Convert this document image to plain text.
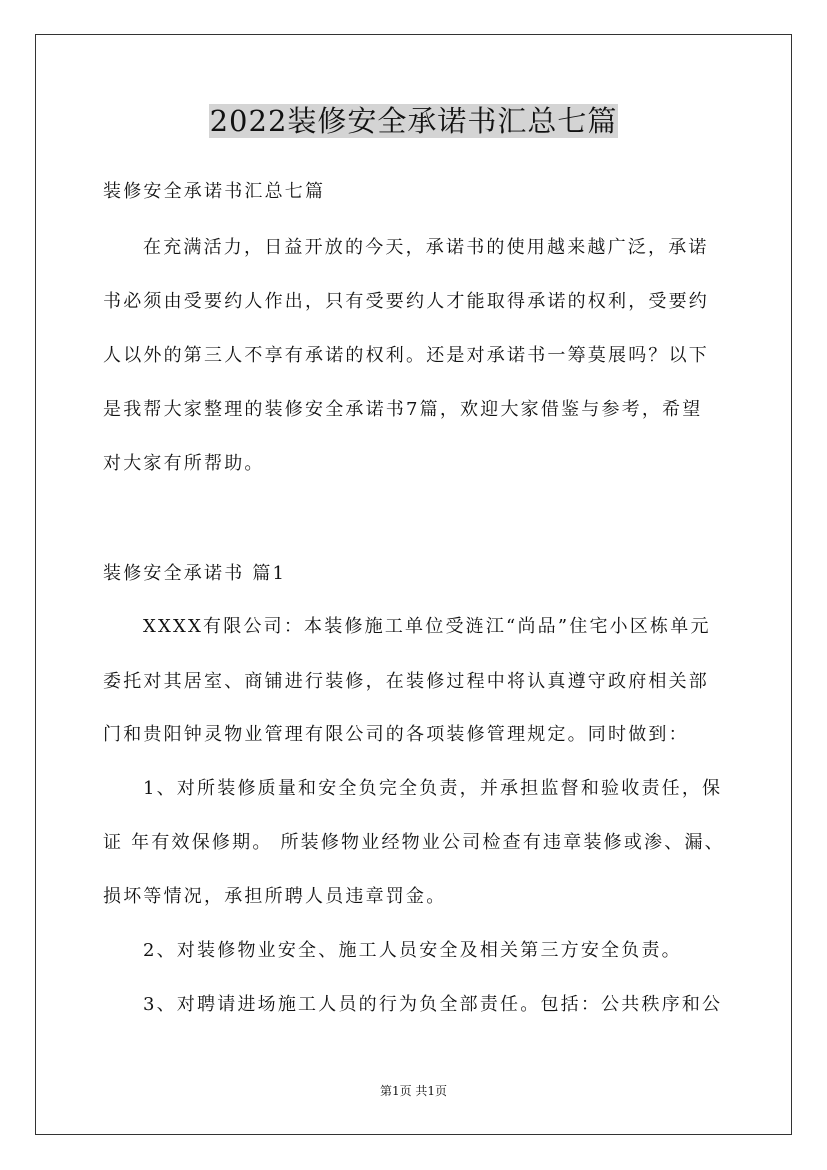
2022装修安全承诺书汇总七篇
装修安全承诺书汇总七篇
在充满活力，日益开放的今天，承诺书的使用越来越广泛，承诺
书必须由受要约人作出，只有受要约人才能取得承诺的权利，受要约
人以外的第三人不享有承诺的权利。还是对承诺书一筹莫展吗？以下
是我帮大家整理的装修安全承诺书7篇，欢迎大家借鉴与参考，希望
对大家有所帮助。
装修安全承诺书 篇1
XXXX有限公司：本装修施工单位受涟江“尚品”住宅小区栋单元
委托对其居室、商铺进行装修，在装修过程中将认真遵守政府相关部
门和贵阳钟灵物业管理有限公司的各项装修管理规定。同时做到：
1、对所装修质量和安全负完全负责，并承担监督和验收责任，保
证 年有效保修期。 所装修物业经物业公司检查有违章装修或渗、漏、
损坏等情况，承担所聘人员违章罚金。
2、对装修物业安全、施工人员安全及相关第三方安全负责。
3、对聘请进场施工人员的行为负全部责任。包括：公共秩序和公
第1页 共1页
